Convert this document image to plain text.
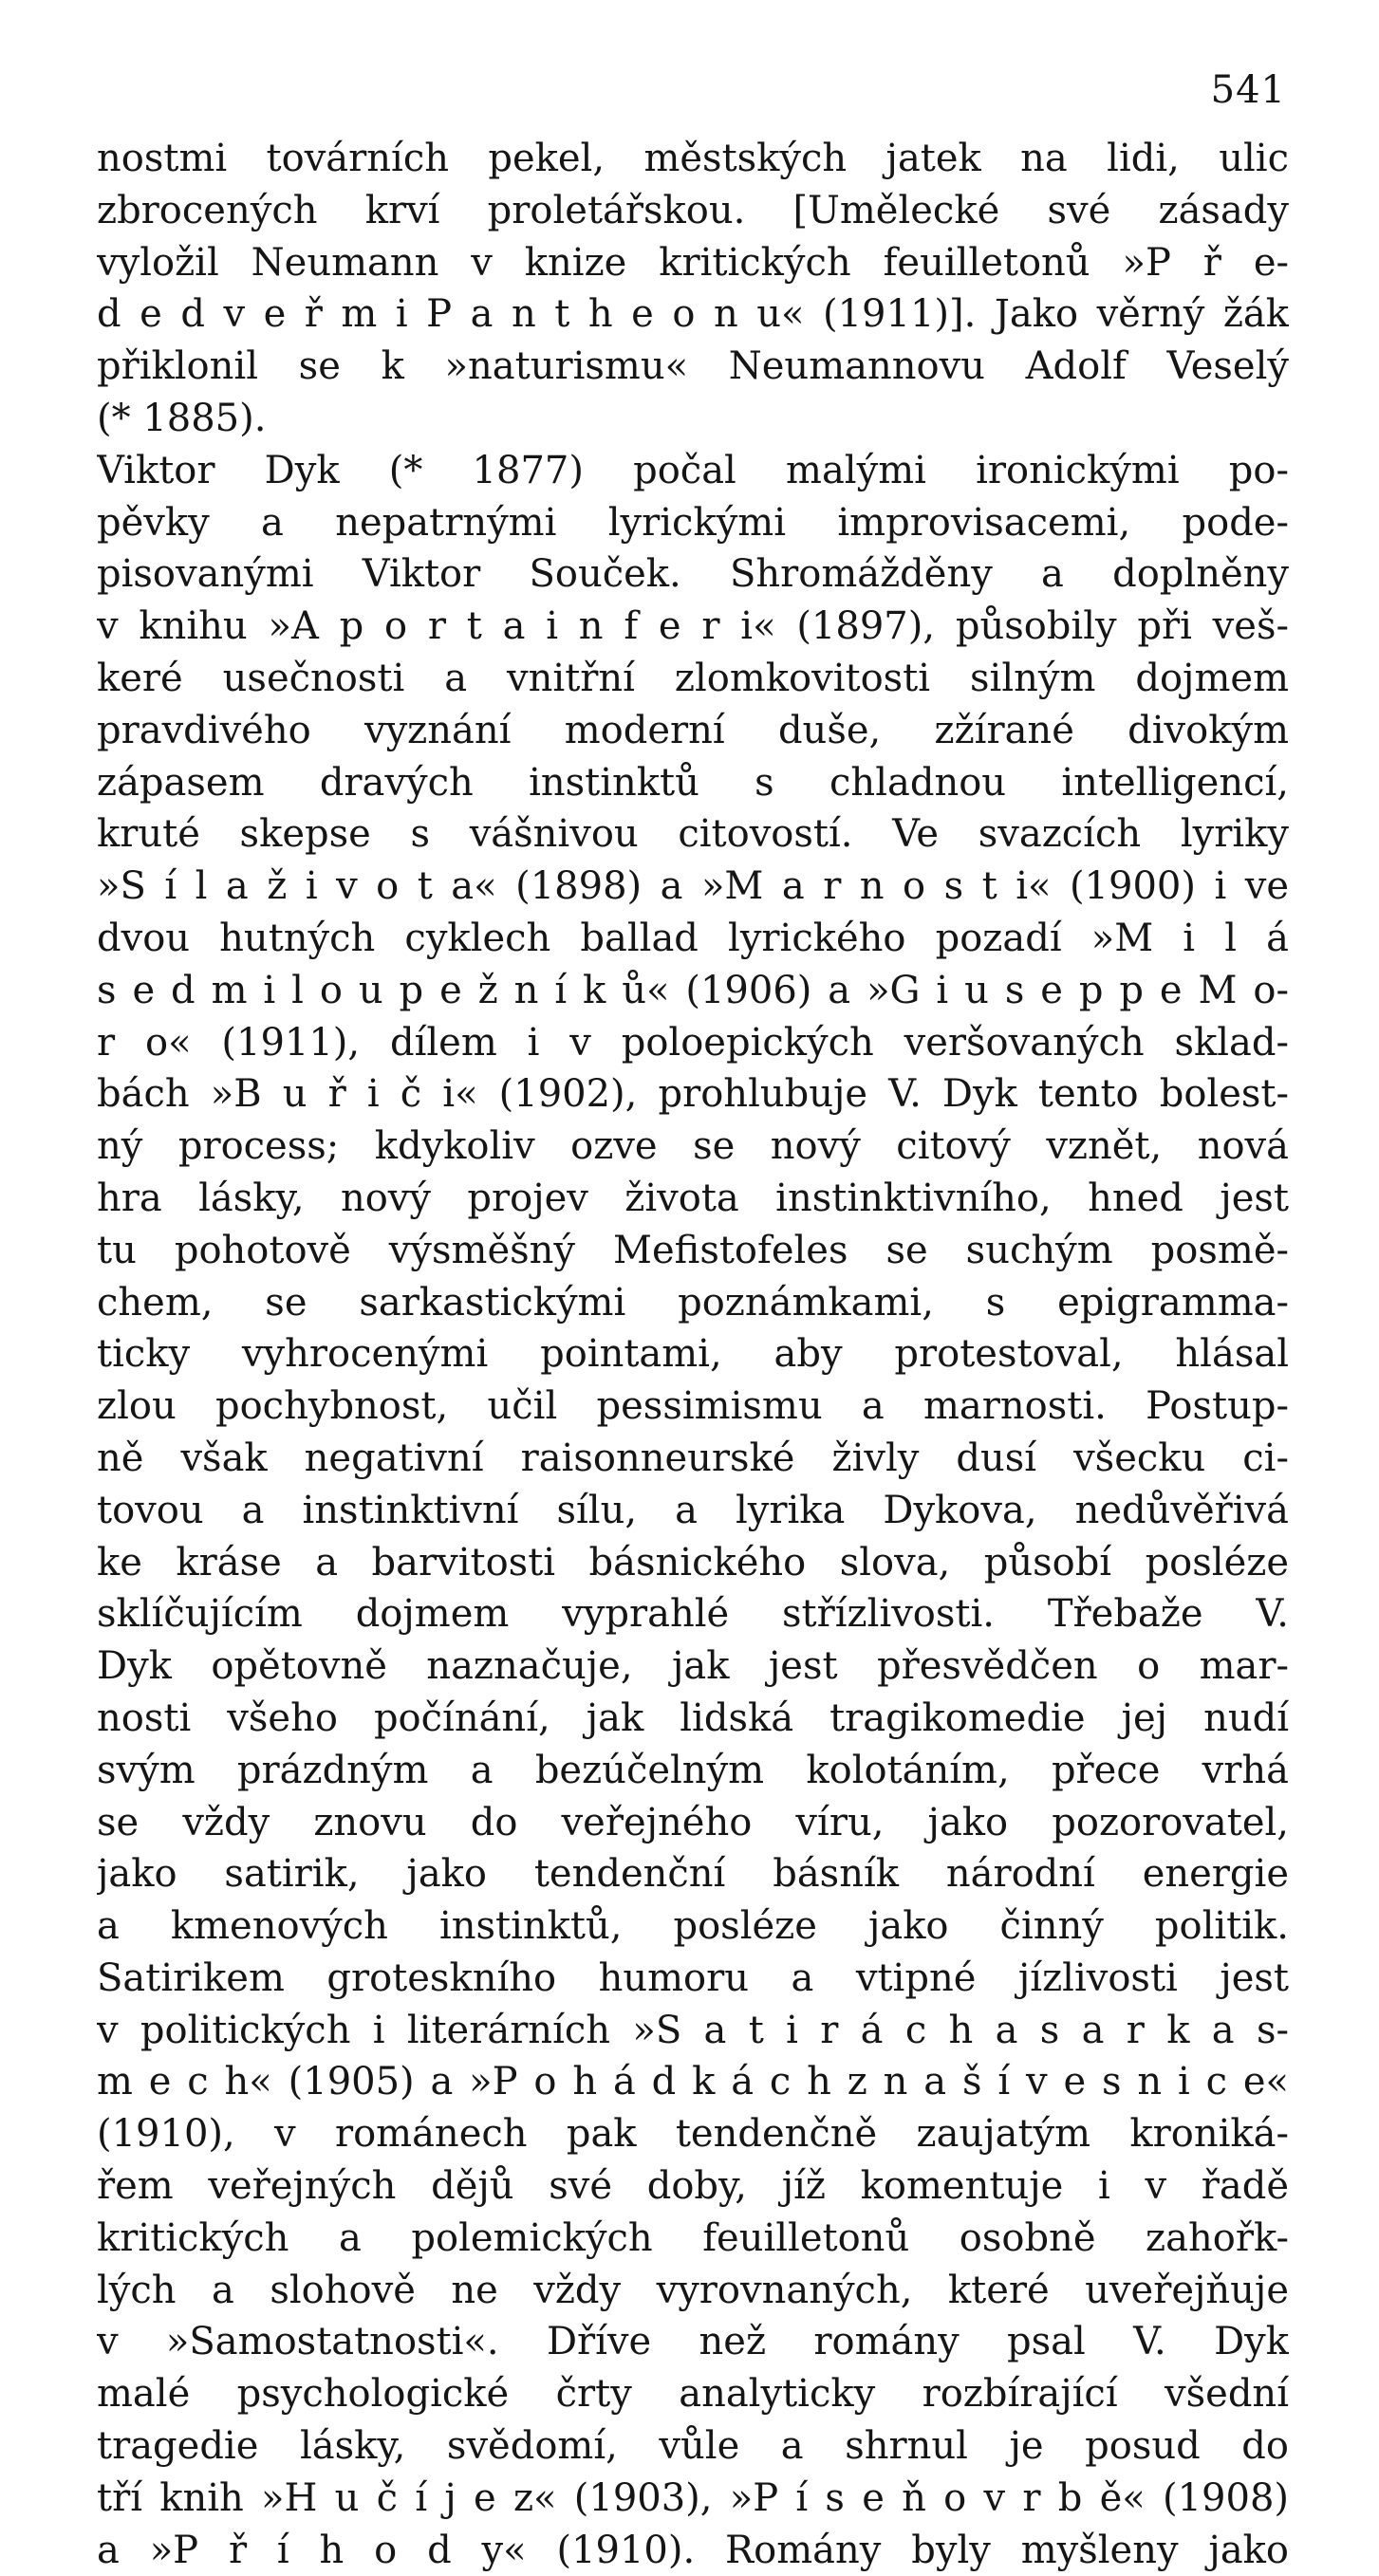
541
nostmi továrních pekel, městských jatek na lidi, ulic
zbrocených krví proletářskou. [Umělecké své zásady
vyložil Neumann v knize kritických feuilletonů »P ř e-
d e d v e ř m i P a n t h e o n u« (1911)]. Jako věrný žák
přiklonil se k »naturismu« Neumannovu Adolf Veselý
(* 1885).
Viktor Dyk (* 1877) počal malými ironickými po-
pěvky a nepatrnými lyrickými improvisacemi, pode-
pisovanými Viktor Souček. Shromážděny a doplněny
v knihu »A p o r t a i n f e r i« (1897), působily při veš-
keré usečnosti a vnitřní zlomkovitosti silným dojmem
pravdivého vyznání moderní duše, zžírané divokým
zápasem dravých instinktů s chladnou intelligencí,
kruté skepse s vášnivou citovostí. Ve svazcích lyriky
»S í l a ž i v o t a« (1898) a »M a r n o s t i« (1900) i ve
dvou hutných cyklech ballad lyrického pozadí »M i l á
s e d m i l o u p e ž n í k ů« (1906) a »G i u s e p p e M o-
r o« (1911), dílem i v poloepických veršovaných sklad-
bách »B u ř i č i« (1902), prohlubuje V. Dyk tento bolest-
ný process; kdykoliv ozve se nový citový vznět, nová
hra lásky, nový projev života instinktivního, hned jest
tu pohotově výsměšný Mefistofeles se suchým posmě-
chem, se sarkastickými poznámkami, s epigramma-
ticky vyhrocenými pointami, aby protestoval, hlásal
zlou pochybnost, učil pessimismu a marnosti. Postup-
ně však negativní raisonneurské živly dusí všecku ci-
tovou a instinktivní sílu, a lyrika Dykova, nedůvěřivá
ke kráse a barvitosti básnického slova, působí posléze
sklíčujícím dojmem vyprahlé střízlivosti. Třebaže V.
Dyk opětovně naznačuje, jak jest přesvědčen o mar-
nosti všeho počínání, jak lidská tragikomedie jej nudí
svým prázdným a bezúčelným kolotáním, přece vrhá
se vždy znovu do veřejného víru, jako pozorovatel,
jako satirik, jako tendenční básník národní energie
a kmenových instinktů, posléze jako činný politik.
Satirikem groteskního humoru a vtipné jízlivosti jest
v politických i literárních »S a t i r á c h a s a r k a s-
m e c h« (1905) a »P o h á d k á c h z n a š í v e s n i c e«
(1910), v románech pak tendenčně zaujatým kroniká-
řem veřejných dějů své doby, jíž komentuje i v řadě
kritických a polemických feuilletonů osobně zahořk-
lých a slohově ne vždy vyrovnaných, které uveřejňuje
v »Samostatnosti«. Dříve než romány psal V. Dyk
malé psychologické črty analyticky rozbírající všední
tragedie lásky, svědomí, vůle a shrnul je posud do
tří knih »H u č í j e z« (1903), »P í s e ň o v r b ě« (1908)
a »P ř í h o d y« (1910). Romány byly myšleny jako
